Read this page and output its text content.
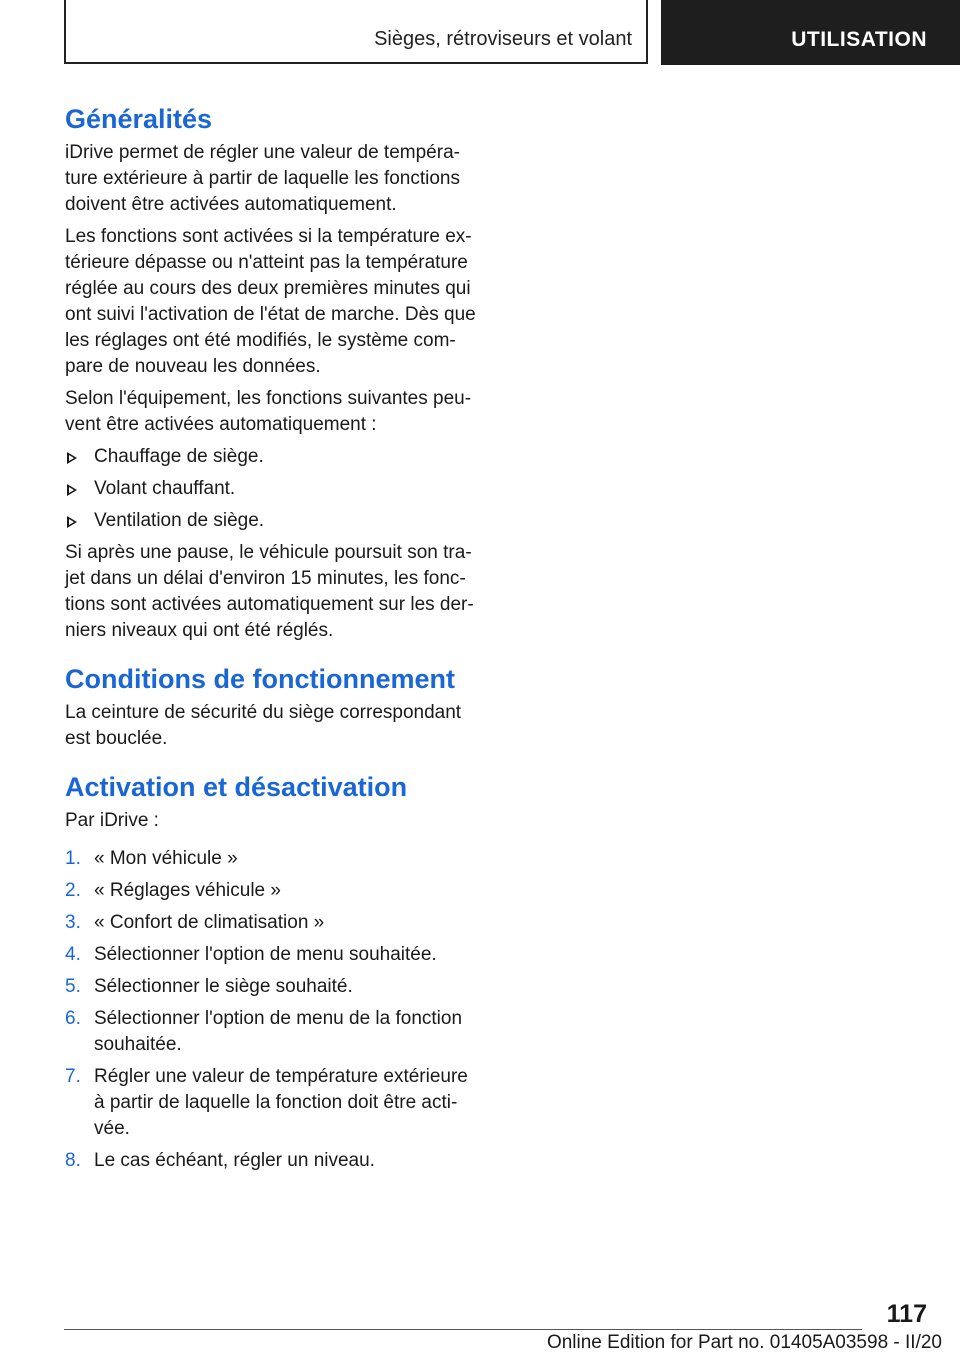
Sièges, rétroviseurs et volant	UTILISATION
Généralités

iDrive permet de régler une valeur de température extérieure à partir de laquelle les fonctions doivent être activées automatiquement.

Les fonctions sont activées si la température extérieure dépasse ou n'atteint pas la température réglée au cours des deux premières minutes qui ont suivi l'activation de l'état de marche. Dès que les réglages ont été modifiés, le système compare de nouveau les données.

Selon l'équipement, les fonctions suivantes peuvent être activées automatiquement :

Chauffage de siège.
Volant chauffant.
Ventilation de siège.

Si après une pause, le véhicule poursuit son trajet dans un délai d'environ 15 minutes, les fonctions sont activées automatiquement sur les derniers niveaux qui ont été réglés.

Conditions de fonctionnement

La ceinture de sécurité du siège correspondant est bouclée.

Activation et désactivation

Par iDrive :

1. « Mon véhicule »
2. « Réglages véhicule »
3. « Confort de climatisation »
4. Sélectionner l'option de menu souhaitée.
5. Sélectionner le siège souhaité.
6. Sélectionner l'option de menu de la fonction souhaitée.
7. Régler une valeur de température extérieure à partir de laquelle la fonction doit être activée.
8. Le cas échéant, régler un niveau.
117
Online Edition for Part no. 01405A03598 - II/20
